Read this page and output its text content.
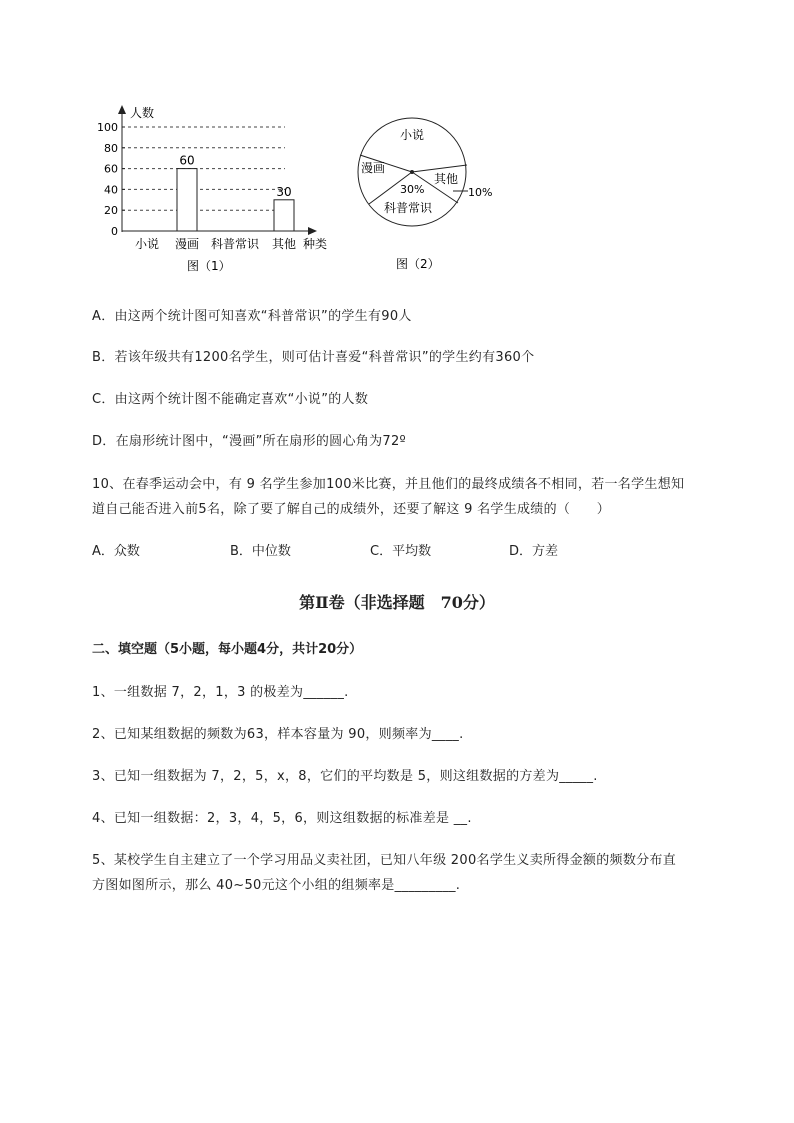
人数
种类
0
20
40
60
80
100
60
30
小说 漫画 科普常识 其他
图（1）
小说
漫画
30%
科普常识
其他
10%
图（2）
A．由这两个统计图可知喜欢“科普常识”的学生有90人
B．若该年级共有1200名学生，则可估计喜爱“科普常识”的学生约有360个
C．由这两个统计图不能确定喜欢“小说”的人数
D．在扇形统计图中，“漫画”所在扇形的圆心角为72º
10、在春季运动会中，有 9 名学生参加100米比赛，并且他们的最终成绩各不相同，若一名学生想知
道自己能否进入前5名，除了要了解自己的成绩外，还要了解这 9 名学生成绩的（　　）
A．众数	B．中位数	C．平均数	D．方差
第Ⅱ卷（非选择题　70分）
二、填空题（5小题，每小题4分，共计20分）
1、一组数据 7，2，1，3 的极差为______.
2、已知某组数据的频数为63，样本容量为 90，则频率为____.
3、已知一组数据为 7，2，5，x，8，它们的平均数是 5，则这组数据的方差为_____.
4、已知一组数据：2，3，4，5，6，则这组数据的标准差是 __.
5、某校学生自主建立了一个学习用品义卖社团，已知八年级 200名学生义卖所得金额的频数分布直
方图如图所示，那么 40~50元这个小组的组频率是_________.
